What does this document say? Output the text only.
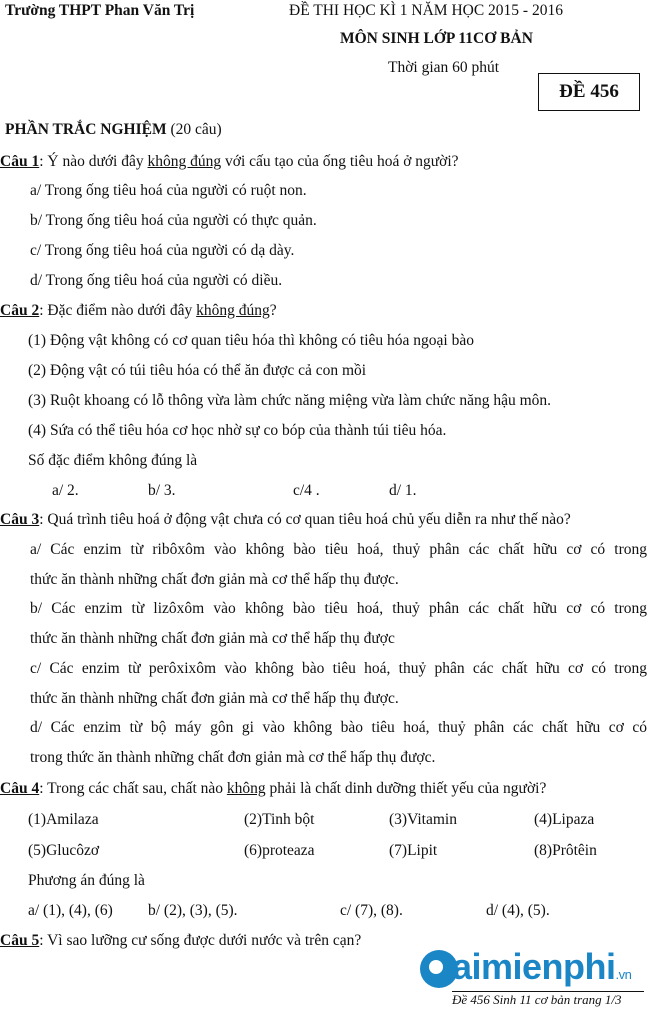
Trường THPT Phan Văn Trị	ĐỀ THI HỌC KÌ 1 NĂM HỌC 2015 - 2016
MÔN SINH LỚP 11CƠ BẢN
Thời gian 60 phút
ĐỀ 456
PHẦN TRẮC NGHIỆM (20 câu)
Câu 1: Ý nào dưới đây không đúng với cấu tạo của ống tiêu hoá ở người?
a/ Trong ống tiêu hoá của người có ruột non.
b/ Trong ống tiêu hoá của người có thực quản.
c/ Trong ống tiêu hoá của người có dạ dày.
d/ Trong ống tiêu hoá của người có diều.
Câu 2: Đặc điểm nào dưới đây không đúng?
(1) Động vật không có cơ quan tiêu hóa thì không có tiêu hóa ngoại bào
(2) Động vật có túi tiêu hóa có thể ăn được cả con mồi
(3) Ruột khoang có lỗ thông vừa làm chức năng miệng vừa làm chức năng hậu môn.
(4) Sứa có thể tiêu hóa cơ học nhờ sự co bóp của thành túi tiêu hóa.
Số đặc điểm không đúng là
a/ 2.	b/ 3.	c/4 .	d/ 1.
Câu 3: Quá trình tiêu hoá ở động vật chưa có cơ quan tiêu hoá chủ yếu diễn ra như thế nào?
a/ Các enzim từ ribôxôm vào không bào tiêu hoá, thuỷ phân các chất hữu cơ có trong
thức ăn thành những chất đơn giản mà cơ thể hấp thụ được.
b/ Các enzim từ lizôxôm vào không bào tiêu hoá, thuỷ phân các chất hữu cơ có trong
thức ăn thành những chất đơn giản mà cơ thể hấp thụ được
c/ Các enzim từ perôxixôm vào không bào tiêu hoá, thuỷ phân các chất hữu cơ có trong
thức ăn thành những chất đơn giản mà cơ thể hấp thụ được.
d/ Các enzim từ bộ máy gôn gi vào không bào tiêu hoá, thuỷ phân các chất hữu cơ có
trong thức ăn thành những chất đơn giản mà cơ thể hấp thụ được.
Câu 4: Trong các chất sau, chất nào không phải là chất dinh dưỡng thiết yếu của người?
(1)Amilaza	(2)Tinh bột	(3)Vitamin	(4)Lipaza
(5)Glucôzơ	(6)proteaza	(7)Lipit	(8)Prôtêin
Phương án đúng là
a/ (1), (4), (6) b/ (2), (3), (5).	c/ (7), (8).	d/ (4), (5).
Câu 5: Vì sao lưỡng cư sống được dưới nước và trên cạn?
aimienphi.vn
Đề 456 Sinh 11 cơ bản trang 1/3
